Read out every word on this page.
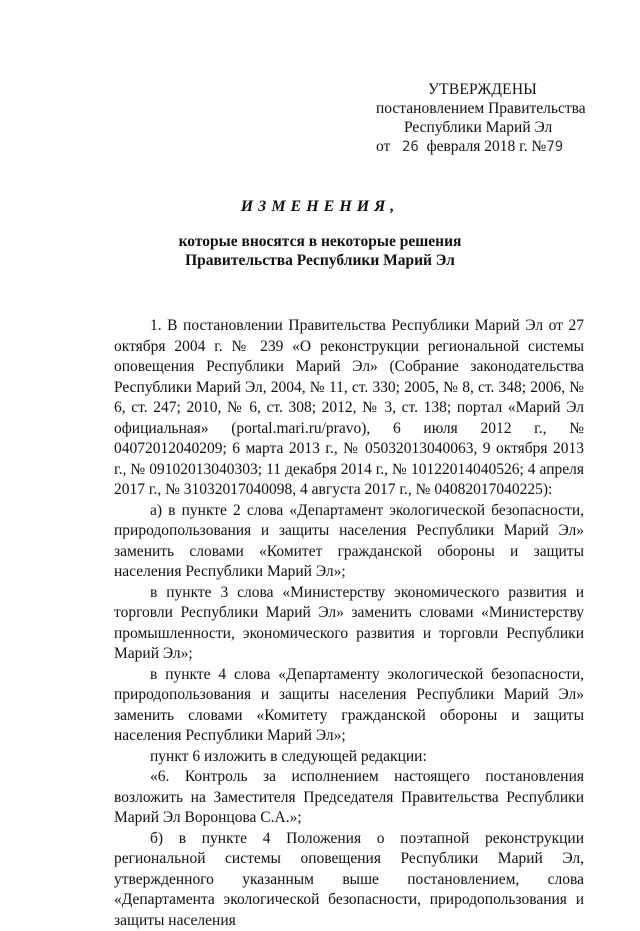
УТВЕРЖДЕНЫ
постановлением Правительства
Республики Марий Эл
от 26 февраля 2018 г. №79
ИЗМЕНЕНИЯ,
которые вносятся в некоторые решения
Правительства Республики Марий Эл

1. В постановлении Правительства Республики Марий Эл от 27 октября 2004 г. № 239 «О реконструкции региональной системы оповещения Республики Марий Эл» (Собрание законодательства Республики Марий Эл, 2004, № 11, ст. 330; 2005, № 8, ст. 348; 2006, № 6, ст. 247; 2010, № 6, ст. 308; 2012, № 3, ст. 138; портал «Марий Эл официальная» (portal.mari.ru/pravo), 6 июля 2012 г., № 04072012040209; 6 марта 2013 г., № 05032013040063, 9 октября 2013 г., № 09102013040303; 11 декабря 2014 г., № 10122014040526; 4 апреля 2017 г., № 31032017040098, 4 августа 2017 г., № 04082017040225):

а) в пункте 2 слова «Департамент экологической безопасности, природопользования и защиты населения Республики Марий Эл» заменить словами «Комитет гражданской обороны и защиты населения Республики Марий Эл»;

в пункте 3 слова «Министерству экономического развития и торговли Республики Марий Эл» заменить словами «Министерству промышленности, экономического развития и торговли Республики Марий Эл»;

в пункте 4 слова «Департаменту экологической безопасности, природопользования и защиты населения Республики Марий Эл» заменить словами «Комитету гражданской обороны и защиты населения Республики Марий Эл»;

пункт 6 изложить в следующей редакции:

«6. Контроль за исполнением настоящего постановления возложить на Заместителя Председателя Правительства Республики Марий Эл Воронцова С.А.»;

б) в пункте 4 Положения о поэтапной реконструкции региональной системы оповещения Республики Марий Эл, утвержденного указанным выше постановлением, слова «Департамента экологической безопасности, природопользования и защиты населения
